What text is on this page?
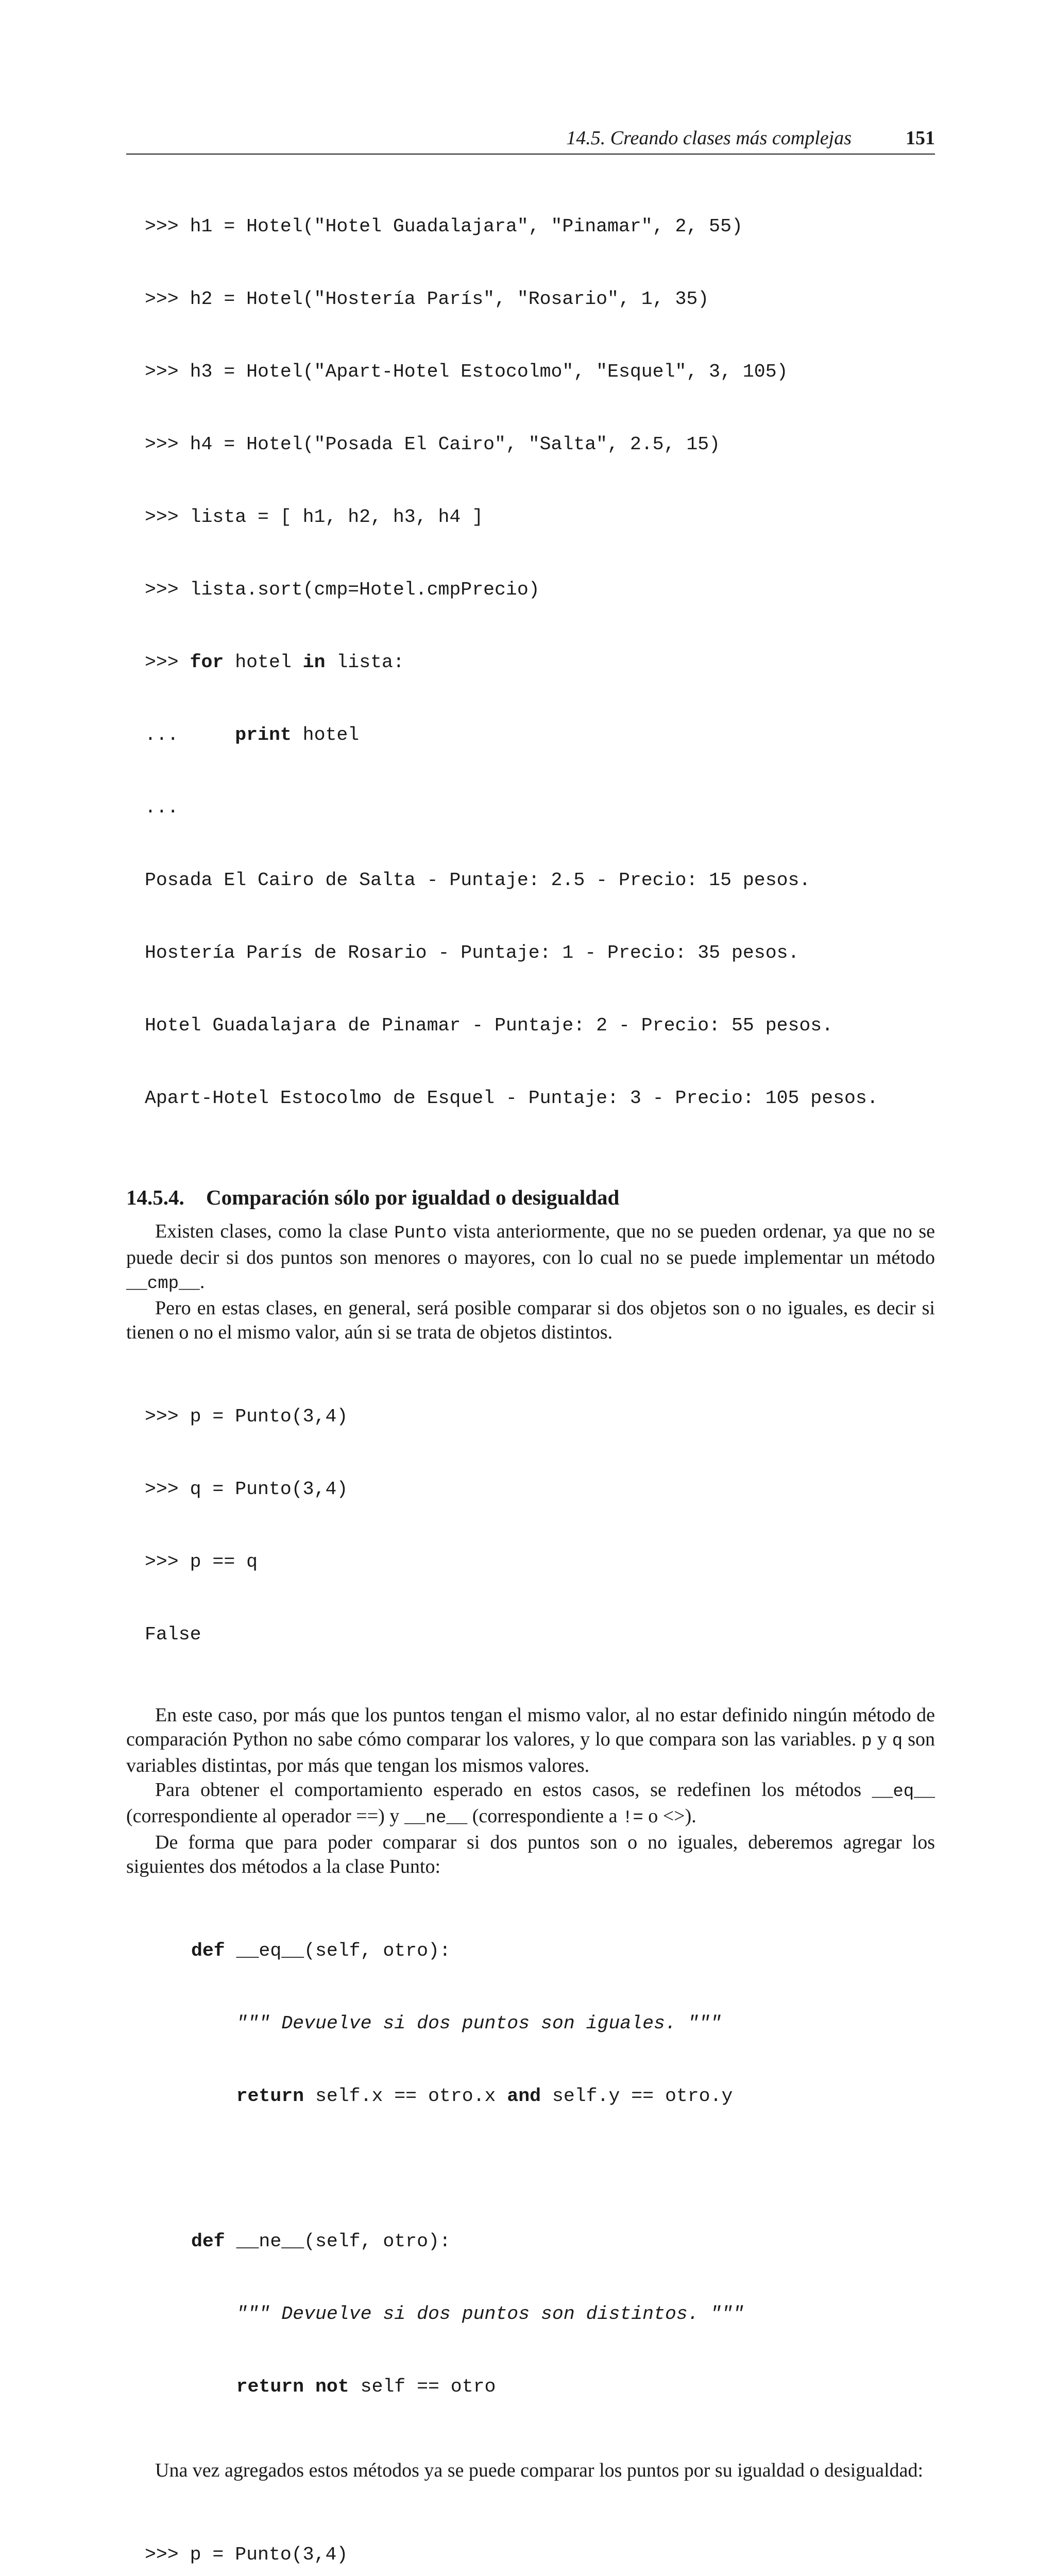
14.5. Creando clases más complejas	151

>>> h1 = Hotel("Hotel Guadalajara", "Pinamar", 2, 55)

>>> h2 = Hotel("Hostería París", "Rosario", 1, 35)

>>> h3 = Hotel("Apart-Hotel Estocolmo", "Esquel", 3, 105)

>>> h4 = Hotel("Posada El Cairo", "Salta", 2.5, 15)

>>> lista = [ h1, h2, h3, h4 ]

>>> lista.sort(cmp=Hotel.cmpPrecio)

>>> for hotel in lista:

...     print hotel

...

Posada El Cairo de Salta - Puntaje: 2.5 - Precio: 15 pesos.

Hostería París de Rosario - Puntaje: 1 - Precio: 35 pesos.

Hotel Guadalajara de Pinamar - Puntaje: 2 - Precio: 55 pesos.

Apart-Hotel Estocolmo de Esquel - Puntaje: 3 - Precio: 105 pesos.

14.5.4. Comparación sólo por igualdad o desigualdad

Existen clases, como la clase Punto vista anteriormente, que no se pueden ordenar, ya que no se puede decir si dos puntos son menores o mayores, con lo cual no se puede implementar un método __cmp__.

Pero en estas clases, en general, será posible comparar si dos objetos son o no iguales, es decir si tienen o no el mismo valor, aún si se trata de objetos distintos.

>>> p = Punto(3,4)

>>> q = Punto(3,4)

>>> p == q

False

En este caso, por más que los puntos tengan el mismo valor, al no estar definido ningún método de comparación Python no sabe cómo comparar los valores, y lo que compara son las variables. p y q son variables distintas, por más que tengan los mismos valores.

Para obtener el comportamiento esperado en estos casos, se redefinen los métodos __eq__ (correspondiente al operador ==) y __ne__ (correspondiente a != o <>).

De forma que para poder comparar si dos puntos son o no iguales, deberemos agregar los siguientes dos métodos a la clase Punto:

def __eq__(self, otro):

""" Devuelve si dos puntos son iguales. """

return self.x == otro.x and self.y == otro.y

def __ne__(self, otro):

""" Devuelve si dos puntos son distintos. """

return not self == otro

Una vez agregados estos métodos ya se puede comparar los puntos por su igualdad o desigualdad:

>>> p = Punto(3,4)
